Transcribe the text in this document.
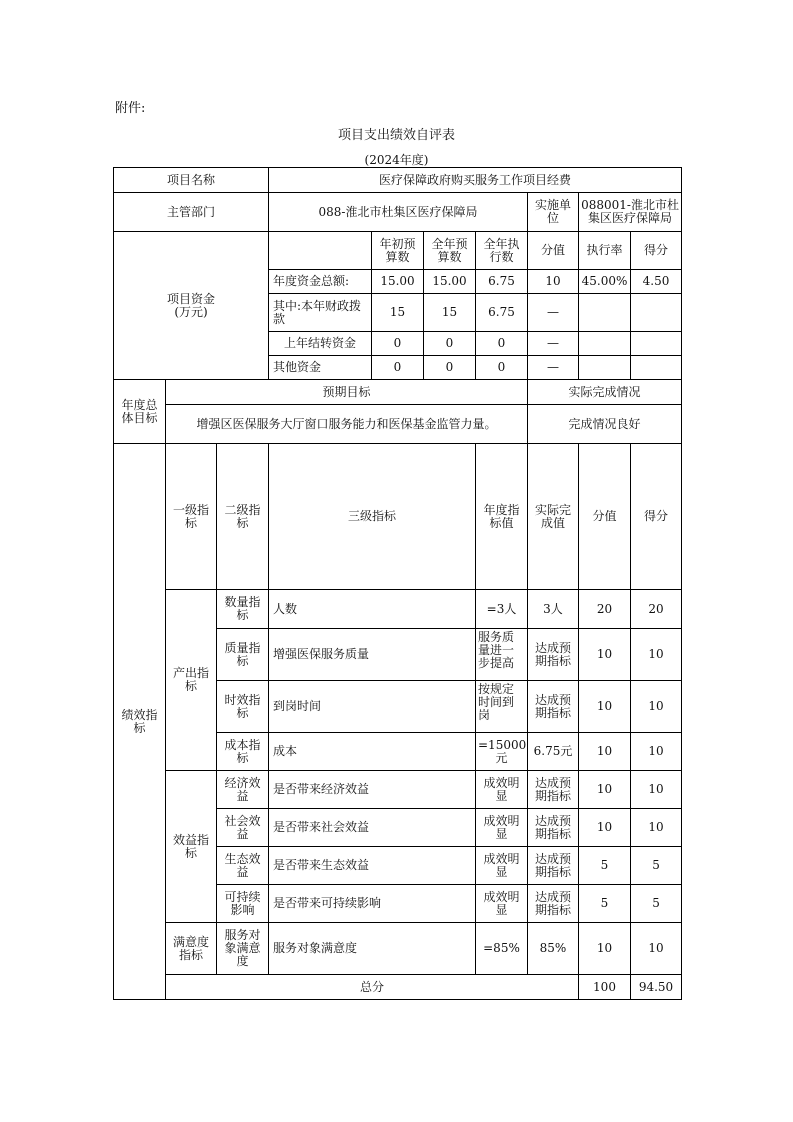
附件:
项目支出绩效自评表
(2024年度)
项目名称			医疗保障政府购买服务工作项目经费							
主管部门			088-淮北市杜集区医疗保障局				实施单位	088001-淮北市杜集区医疗保障局		
项目资金
(万元)				年初预算数	全年预算数	全年执行数	分值	执行率	得分	
			年度资金总额:	15.00	15.00	6.75	10	45.00%	4.50	
			其中:本年财政拨款	15	15	6.75	—			
			上年结转资金	0	0	0	—			
			其他资金	0	0	0	—			
年度总体目标	预期目标						实际完成情况			
	增强区医保服务大厅窗口服务能力和医保基金监管力量。						完成情况良好			
绩效指标	一级指标	二级指标	三级指标			年度指标值	实际完成值	分值	得分	
	产出指标	数量指标	人数			=3人	3人	20	20	
		质量指标	增强医保服务质量			服务质量进一步提高	达成预期指标	10	10	
		时效指标	到岗时间			按规定时间到岗	达成预期指标	10	10	
		成本指标	成本			=15000元	6.75元	10	10	
	效益指标	经济效益	是否带来经济效益			成效明显	达成预期指标	10	10	
		社会效益	是否带来社会效益			成效明显	达成预期指标	10	10	
		生态效益	是否带来生态效益			成效明显	达成预期指标	5	5	
		可持续影响	是否带来可持续影响			成效明显	达成预期指标	5	5	
	满意度指标	服务对象满意度	服务对象满意度			=85%	85%	10	10	
	总分							100	94.50	
